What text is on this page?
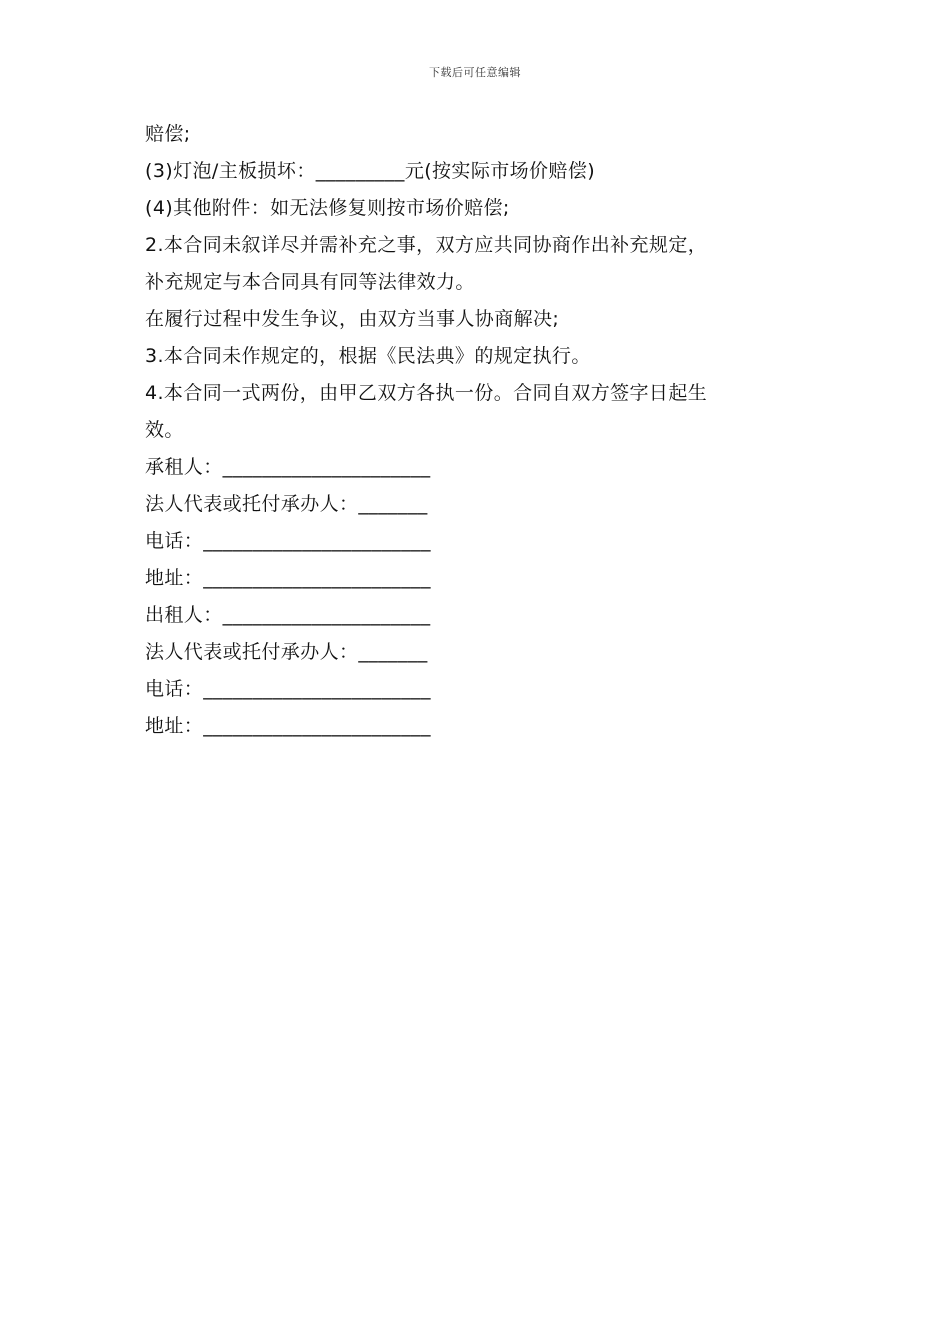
下载后可任意编辑
赔偿;
(3)灯泡/主板损坏：_________元(按实际市场价赔偿)
(4)其他附件：如无法修复则按市场价赔偿;
2.本合同未叙详尽并需补充之事，双方应共同协商作出补充规定，
补充规定与本合同具有同等法律效力。
在履行过程中发生争议，由双方当事人协商解决;
3.本合同未作规定的，根据《民法典》的规定执行。
4.本合同一式两份，由甲乙双方各执一份。合同自双方签字日起生
效。
承租人：_____________________
法人代表或托付承办人：_______
电话：_______________________
地址：_______________________
出租人：_____________________
法人代表或托付承办人：_______
电话：_______________________
地址：_______________________
